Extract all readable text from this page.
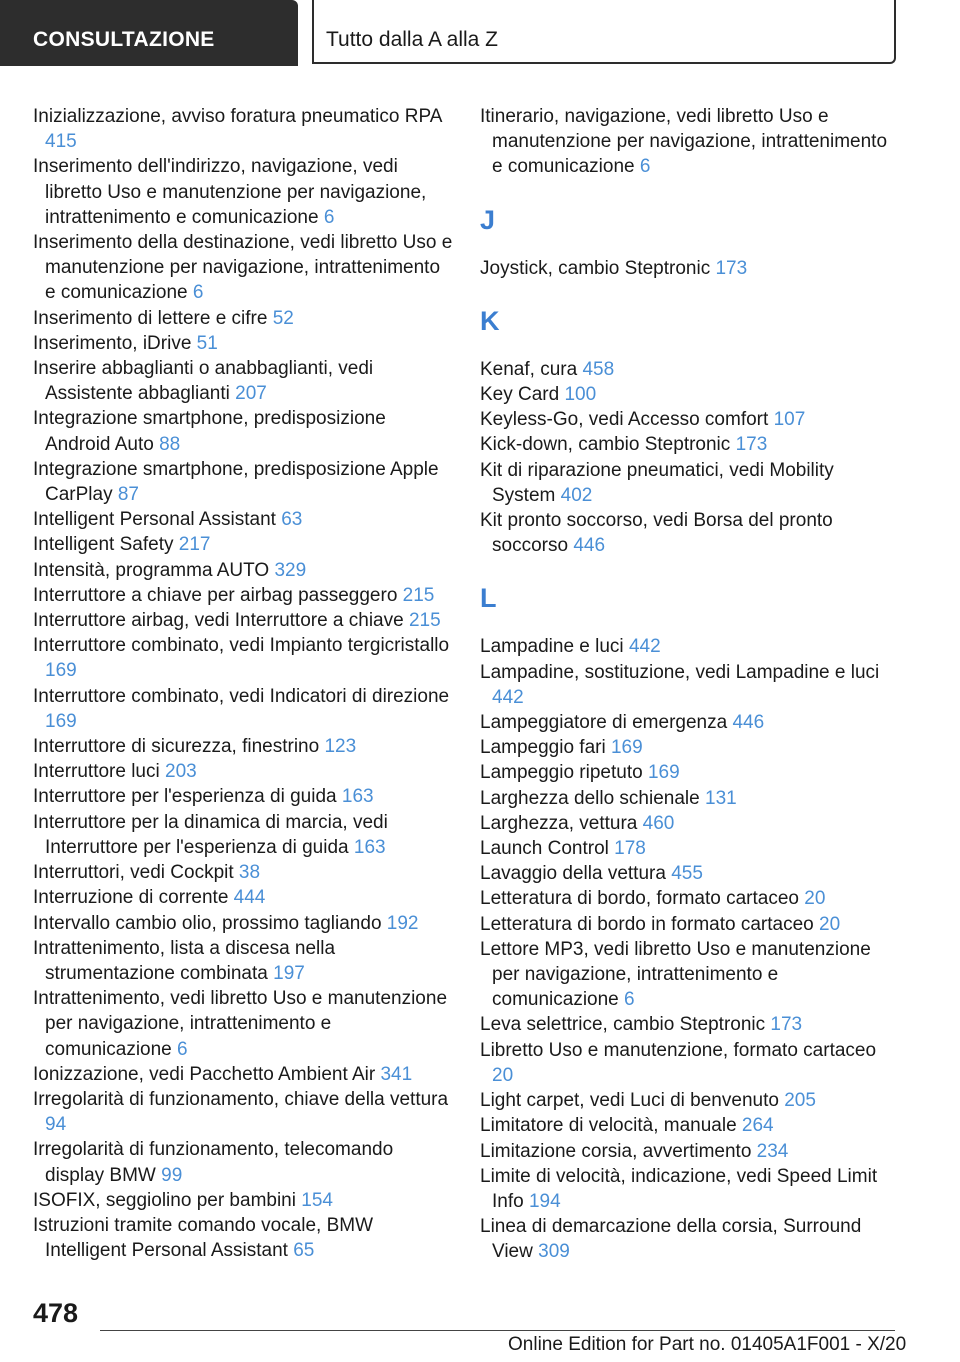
CONSULTAZIONE	Tutto dalla A alla Z
Inizializzazione, avviso foratura pneumatico RPA 415
Inserimento dell'indirizzo, navigazione, vedi libretto Uso e manutenzione per navigazione, intrattenimento e comunicazione 6
Inserimento della destinazione, vedi libretto Uso e manutenzione per navigazione, intrattenimento e comunicazione 6
Inserimento di lettere e cifre 52
Inserimento, iDrive 51
Inserire abbaglianti o anabbaglianti, vedi Assistente abbaglianti 207
Integrazione smartphone, predisposizione Android Auto 88
Integrazione smartphone, predisposizione Apple CarPlay 87
Intelligent Personal Assistant 63
Intelligent Safety 217
Intensità, programma AUTO 329
Interruttore a chiave per airbag passeggero 215
Interruttore airbag, vedi Interruttore a chiave 215
Interruttore combinato, vedi Impianto tergicristallo 169
Interruttore combinato, vedi Indicatori di direzione 169
Interruttore di sicurezza, finestrino 123
Interruttore luci 203
Interruttore per l'esperienza di guida 163
Interruttore per la dinamica di marcia, vedi Interruttore per l'esperienza di guida 163
Interruttori, vedi Cockpit 38
Interruzione di corrente 444
Intervallo cambio olio, prossimo tagliando 192
Intrattenimento, lista a discesa nella strumentazione combinata 197
Intrattenimento, vedi libretto Uso e manutenzione per navigazione, intrattenimento e comunicazione 6
Ionizzazione, vedi Pacchetto Ambient Air 341
Irregolarità di funzionamento, chiave della vettura 94
Irregolarità di funzionamento, telecomando display BMW 99
ISOFIX, seggiolino per bambini 154
Istruzioni tramite comando vocale, BMW Intelligent Personal Assistant 65
Itinerario, navigazione, vedi libretto Uso e manutenzione per navigazione, intrattenimento e comunicazione 6
J
Joystick, cambio Steptronic 173
K
Kenaf, cura 458
Key Card 100
Keyless-Go, vedi Accesso comfort 107
Kick-down, cambio Steptronic 173
Kit di riparazione pneumatici, vedi Mobility System 402
Kit pronto soccorso, vedi Borsa del pronto soccorso 446
L
Lampadine e luci 442
Lampadine, sostituzione, vedi Lampadine e luci 442
Lampeggiatore di emergenza 446
Lampeggio fari 169
Lampeggio ripetuto 169
Larghezza dello schienale 131
Larghezza, vettura 460
Launch Control 178
Lavaggio della vettura 455
Letteratura di bordo, formato cartaceo 20
Letteratura di bordo in formato cartaceo 20
Lettore MP3, vedi libretto Uso e manutenzione per navigazione, intrattenimento e comunicazione 6
Leva selettrice, cambio Steptronic 173
Libretto Uso e manutenzione, formato cartaceo 20
Light carpet, vedi Luci di benvenuto 205
Limitatore di velocità, manuale 264
Limitazione corsia, avvertimento 234
Limite di velocità, indicazione, vedi Speed Limit Info 194
Linea di demarcazione della corsia, Surround View 309
478
Online Edition for Part no. 01405A1F001 - X/20
